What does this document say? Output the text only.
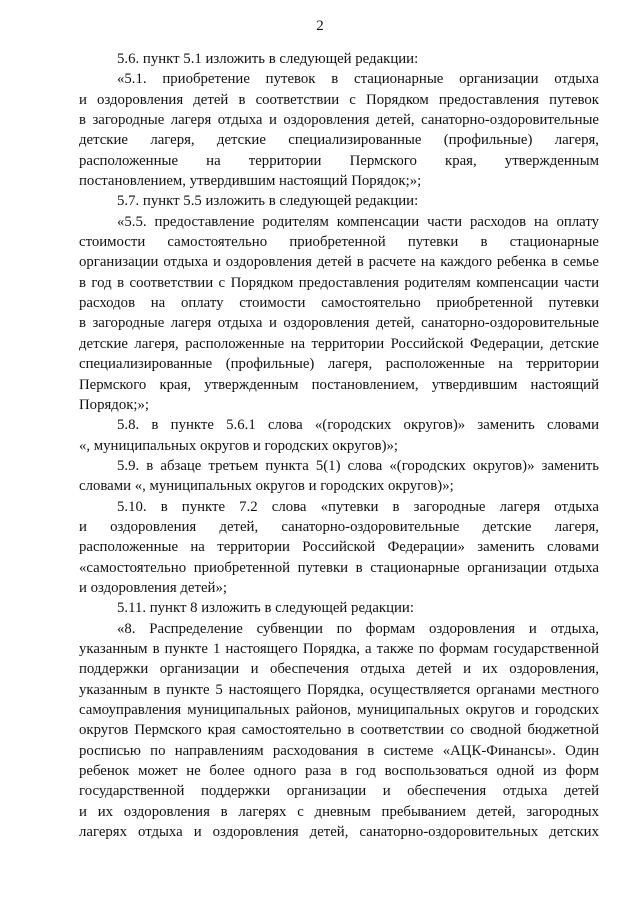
2
5.6. пункт 5.1 изложить в следующей редакции:
«5.1. приобретение путевок в стационарные организации отдыха
и оздоровления детей в соответствии с Порядком предоставления путевок
в загородные лагеря отдыха и оздоровления детей, санаторно-оздоровительные
детские лагеря, детские специализированные (профильные) лагеря,
расположенные на территории Пермского края, утвержденным
постановлением, утвердившим настоящий Порядок;»;
5.7. пункт 5.5 изложить в следующей редакции:
«5.5. предоставление родителям компенсации части расходов на оплату
стоимости самостоятельно приобретенной путевки в стационарные
организации отдыха и оздоровления детей в расчете на каждого ребенка в семье
в год в соответствии с Порядком предоставления родителям компенсации части
расходов на оплату стоимости самостоятельно приобретенной путевки
в загородные лагеря отдыха и оздоровления детей, санаторно-оздоровительные
детские лагеря, расположенные на территории Российской Федерации, детские
специализированные (профильные) лагеря, расположенные на территории
Пермского края, утвержденным постановлением, утвердившим настоящий
Порядок;»;
5.8. в пункте 5.6.1 слова «(городских округов)» заменить словами
«, муниципальных округов и городских округов)»;
5.9. в абзаце третьем пункта 5(1) слова «(городских округов)» заменить
словами «, муниципальных округов и городских округов)»;
5.10. в пункте 7.2 слова «путевки в загородные лагеря отдыха
и оздоровления детей, санаторно-оздоровительные детские лагеря,
расположенные на территории Российской Федерации» заменить словами
«самостоятельно приобретенной путевки в стационарные организации отдыха
и оздоровления детей»;
5.11. пункт 8 изложить в следующей редакции:
«8. Распределение субвенции по формам оздоровления и отдыха,
указанным в пункте 1 настоящего Порядка, а также по формам государственной
поддержки организации и обеспечения отдыха детей и их оздоровления,
указанным в пункте 5 настоящего Порядка, осуществляется органами местного
самоуправления муниципальных районов, муниципальных округов и городских
округов Пермского края самостоятельно в соответствии со сводной бюджетной
росписью по направлениям расходования в системе «АЦК-Финансы». Один
ребенок может не более одного раза в год воспользоваться одной из форм
государственной поддержки организации и обеспечения отдыха детей
и их оздоровления в лагерях с дневным пребыванием детей, загородных
лагерях отдыха и оздоровления детей, санаторно-оздоровительных детских
